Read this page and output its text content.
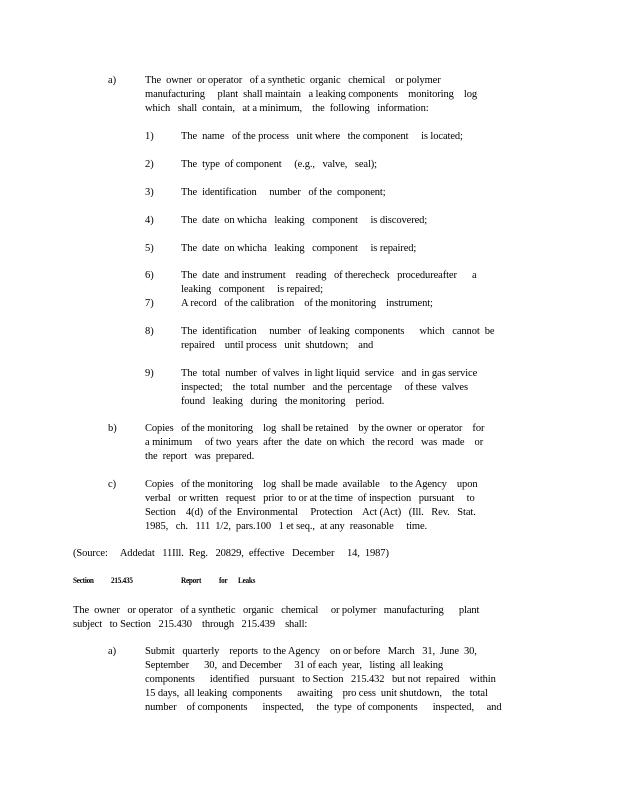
a)	The  owner  or operator   of a synthetic  organic   chemical    or polymer

manufacturing     plant  shall maintain   a leaking components    monitoring    log

which   shall  contain,   at a minimum,    the  following   information:

1)	The  name   of the process   unit where   the component     is located;

2)	The  type  of component     (e.g.,   valve,   seal);

3)	The  identification     number   of the  component;

4)	The  date  on whicha   leaking   component     is discovered;

5)	The  date  on whicha   leaking   component     is repaired;

6)	The  date  and instrument    reading   of therecheck   procedureafter      a

leaking   component     is repaired;

7)	A record   of the calibration    of the monitoring    instrument;

8)	The  identification     number   of leaking  components      which   cannot  be

repaired    until process   unit  shutdown;    and

9)	The  total  number  of valves  in light liquid  service   and  in gas service

inspected;    the  total  number   and the  percentage     of these  valves

found   leaking   during   the monitoring    period.

b)	Copies   of the monitoring    log  shall be retained    by the owner  or operator    for

a minimum     of two  years  after  the  date  on which   the record   was  made    or

the  report   was  prepared.

c)	Copies   of the monitoring    log  shall be made  available    to the Agency    upon

verbal   or written   request   prior  to or at the time  of inspection   pursuant     to

Section    4(d)  of the  Environmental     Protection    Act (Act)   (Ill.   Rev.   Stat.

1985,   ch.   111  1/2,  pars.100   1 et seq.,  at any  reasonable     time.

(Source:     Addedat   11Ill.  Reg.   20829,  effective   December     14,  1987)

Section 215.435	Report for Leaks

The  owner   or operator   of a synthetic   organic   chemical     or polymer   manufacturing      plant

subject   to Section   215.430    through   215.439    shall:

a)	Submit   quarterly    reports  to the Agency    on or before   March   31,  June  30,

September      30,  and December     31 of each  year,   listing  all leaking

components      identified    pursuant   to Section   215.432   but not  repaired    within

15 days,  all leaking  components      awaiting    pro cess  unit shutdown,    the  total

number    of components      inspected,     the  type  of components      inspected,     and
